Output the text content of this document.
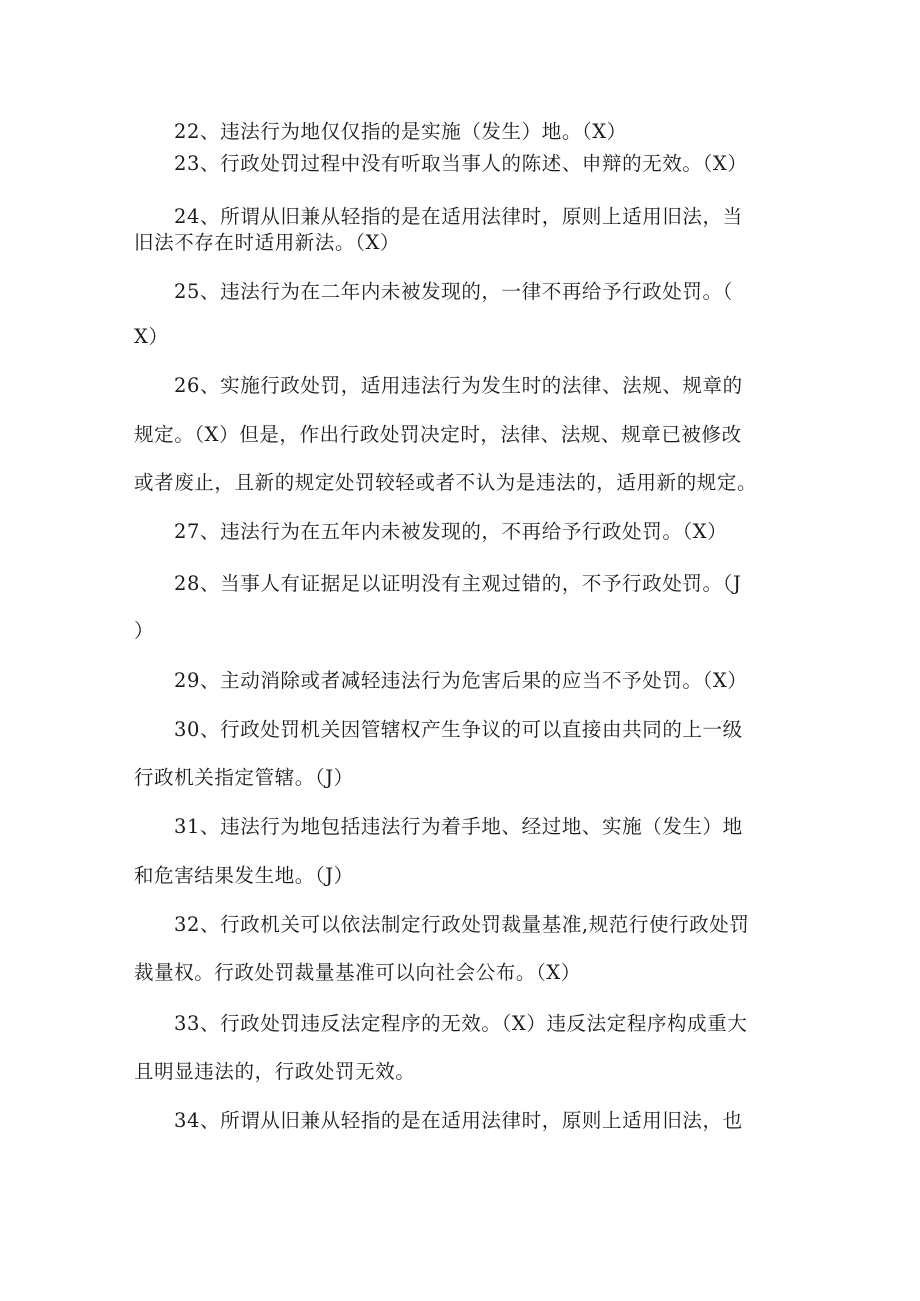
22、违法行为地仅仅指的是实施（发生）地。（X）
23、行政处罚过程中没有听取当事人的陈述、申辩的无效。（X）
24、所谓从旧兼从轻指的是在适用法律时，原则上适用旧法，当
旧法不存在时适用新法。（X）
25、违法行为在二年内未被发现的，一律不再给予行政处罚。（
X）
26、实施行政处罚，适用违法行为发生时的法律、法规、规章的
规定。（X）但是，作出行政处罚决定时，法律、法规、规章已被修改
或者废止，且新的规定处罚较轻或者不认为是违法的，适用新的规定。
27、违法行为在五年内未被发现的，不再给予行政处罚。（X）
28、当事人有证据足以证明没有主观过错的，不予行政处罚。（J
）
29、主动消除或者减轻违法行为危害后果的应当不予处罚。（X）
30、行政处罚机关因管辖权产生争议的可以直接由共同的上一级
行政机关指定管辖。（J）
31、违法行为地包括违法行为着手地、经过地、实施（发生）地
和危害结果发生地。（J）
32、行政机关可以依法制定行政处罚裁量基准,规范行使行政处罚
裁量权。行政处罚裁量基准可以向社会公布。（X）
33、行政处罚违反法定程序的无效。（X）违反法定程序构成重大
且明显违法的，行政处罚无效。
34、所谓从旧兼从轻指的是在适用法律时，原则上适用旧法，也
